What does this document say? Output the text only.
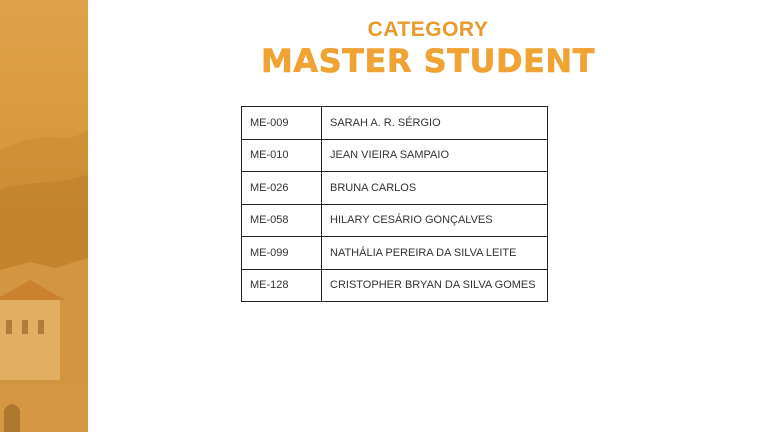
CATEGORY
MASTER STUDENT
ME-009	SARAH A. R. SÉRGIO
ME-010	JEAN VIEIRA SAMPAIO
ME-026	BRUNA CARLOS
ME-058	HILARY CESÁRIO GONÇALVES
ME-099	NATHÁLIA PEREIRA DA SILVA LEITE
ME-128	CRISTOPHER BRYAN DA SILVA GOMES
